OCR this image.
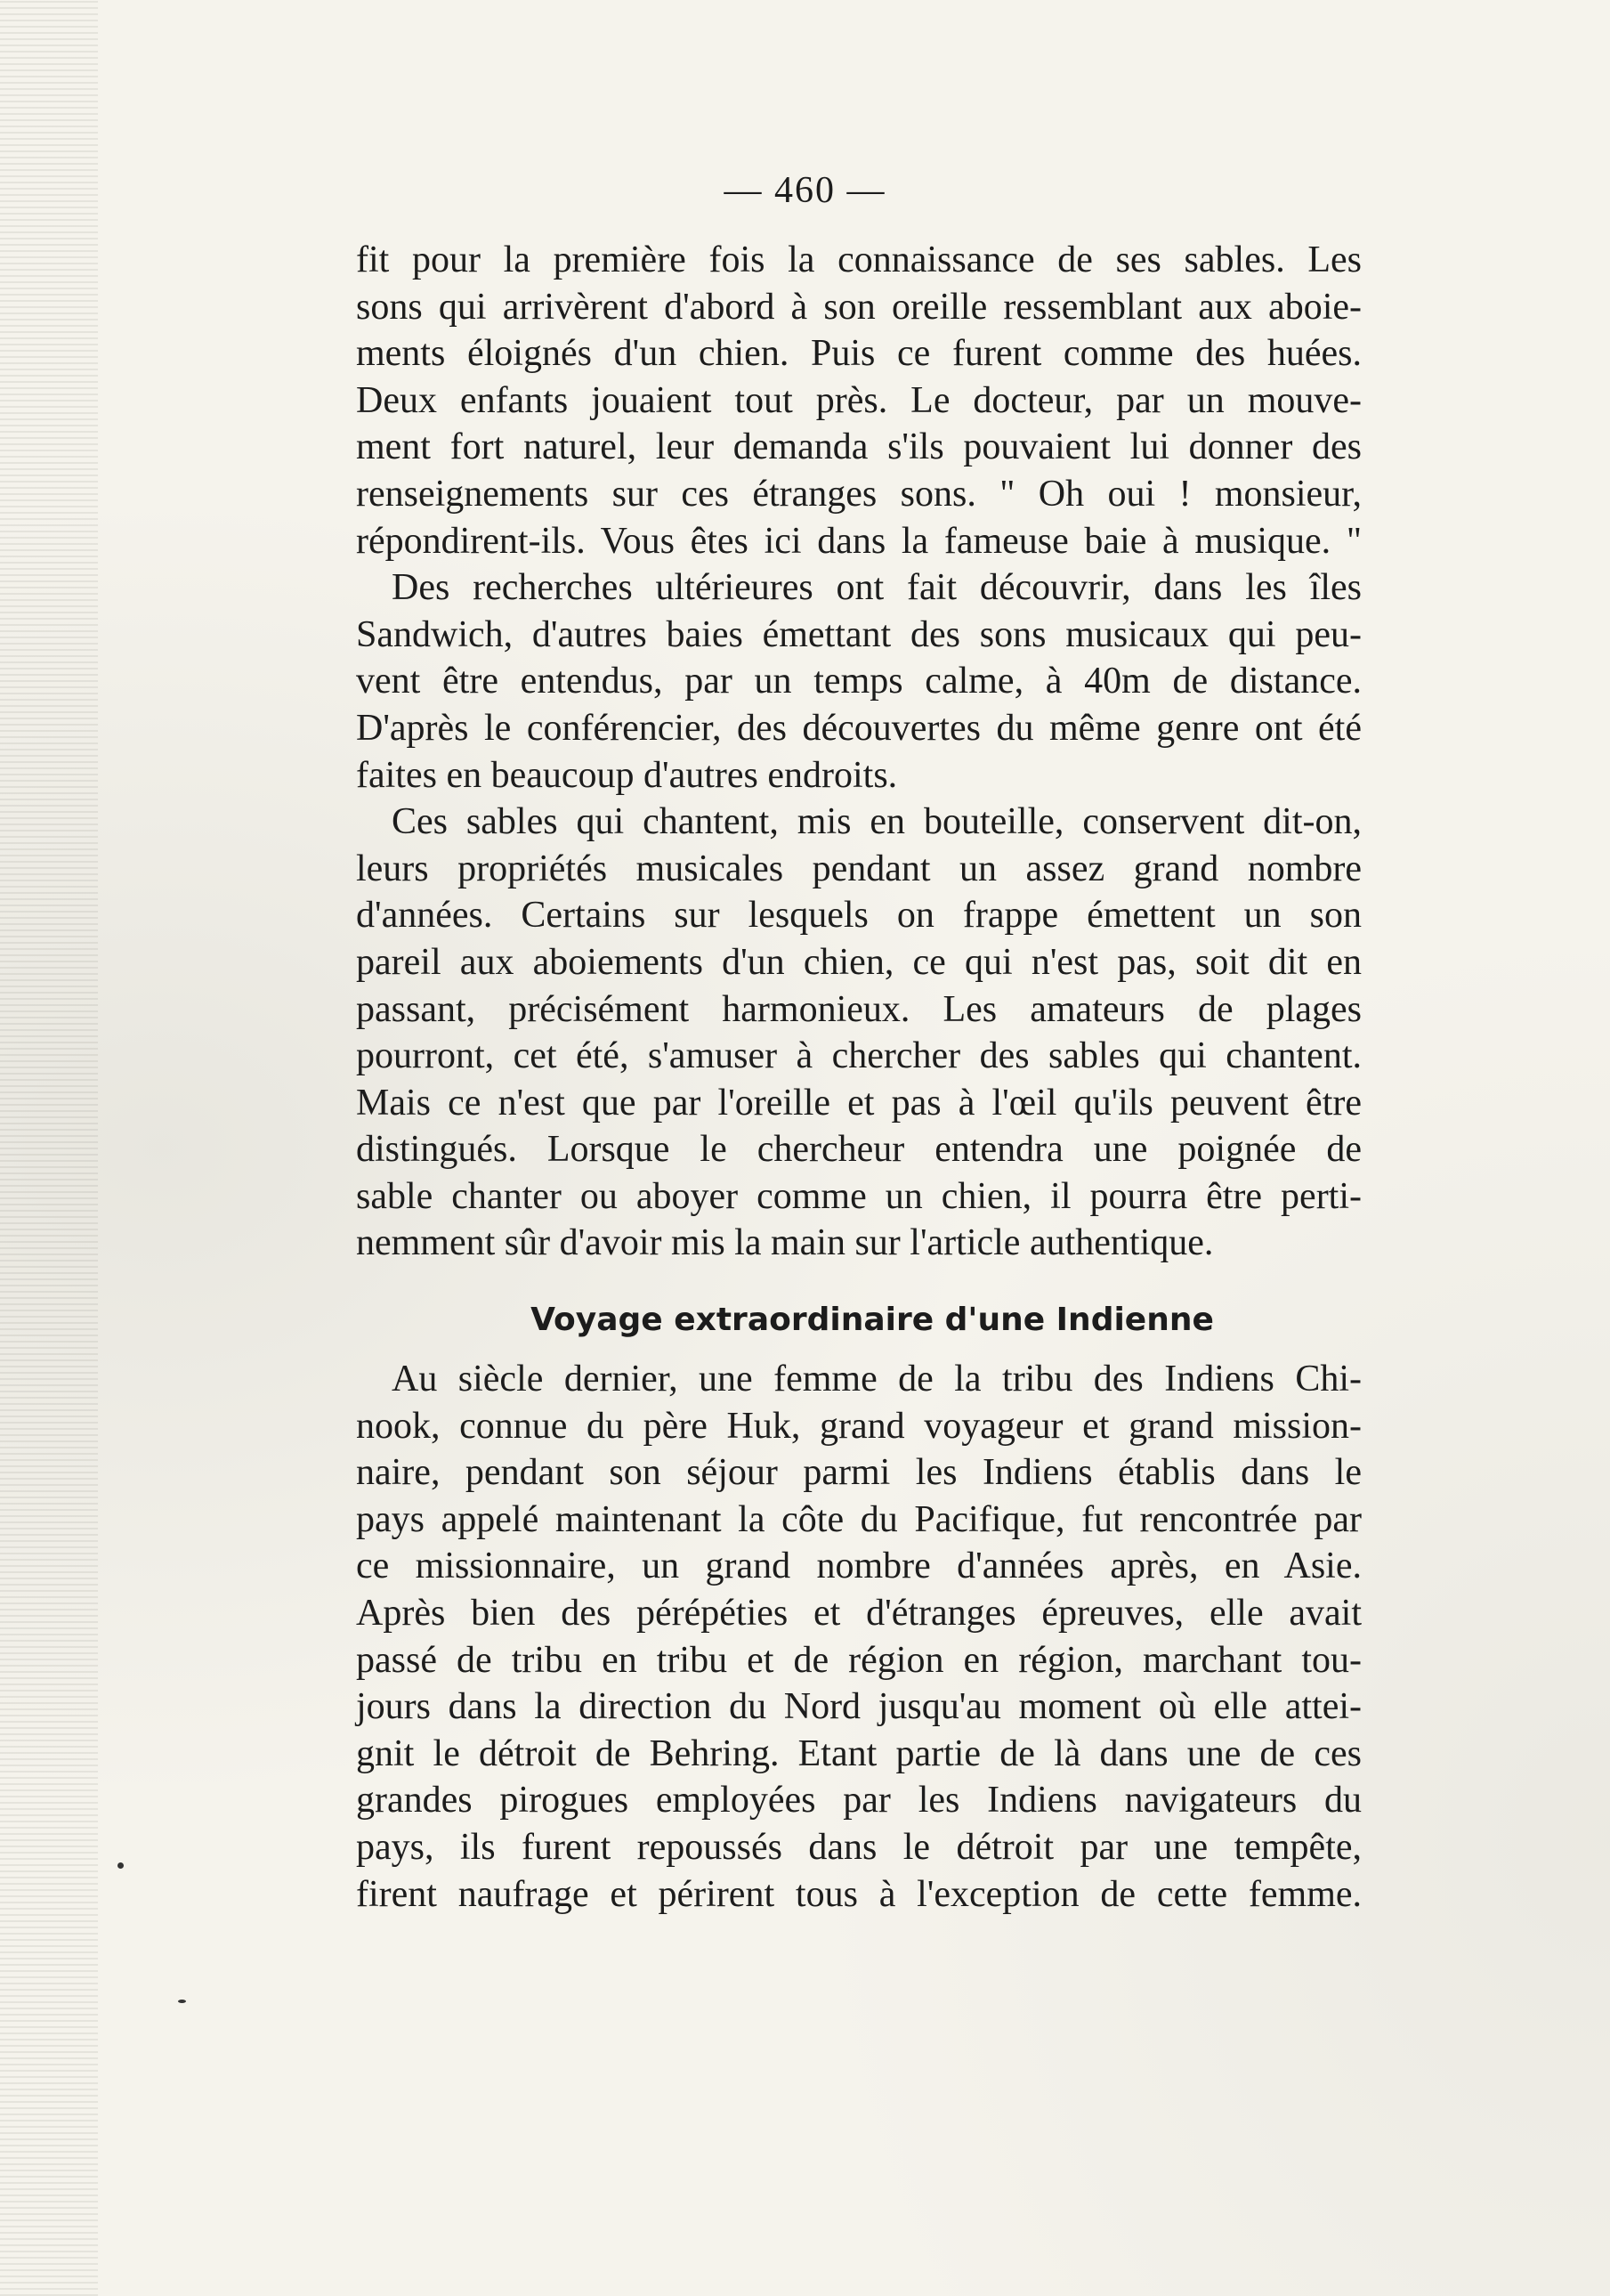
— 460 —
fit pour la première fois la connaissance de ses sables. Les
sons qui arrivèrent d'abord à son oreille ressemblant aux aboie-
ments éloignés d'un chien. Puis ce furent comme des huées.
Deux enfants jouaient tout près. Le docteur, par un mouve-
ment fort naturel, leur demanda s'ils pouvaient lui donner des
renseignements sur ces étranges sons. " Oh oui ! monsieur,
répondirent-ils. Vous êtes ici dans la fameuse baie à musique. "
Des recherches ultérieures ont fait découvrir, dans les îles
Sandwich, d'autres baies émettant des sons musicaux qui peu-
vent être entendus, par un temps calme, à 40m de distance.
D'après le conférencier, des découvertes du même genre ont été
faites en beaucoup d'autres endroits.
Ces sables qui chantent, mis en bouteille, conservent dit-on,
leurs propriétés musicales pendant un assez grand nombre
d'années. Certains sur lesquels on frappe émettent un son
pareil aux aboiements d'un chien, ce qui n'est pas, soit dit en
passant, précisément harmonieux. Les amateurs de plages
pourront, cet été, s'amuser à chercher des sables qui chantent.
Mais ce n'est que par l'oreille et pas à l'œil qu'ils peuvent être
distingués. Lorsque le chercheur entendra une poignée de
sable chanter ou aboyer comme un chien, il pourra être perti-
nemment sûr d'avoir mis la main sur l'article authentique.
Voyage extraordinaire d'une Indienne
Au siècle dernier, une femme de la tribu des Indiens Chi-
nook, connue du père Huk, grand voyageur et grand mission-
naire, pendant son séjour parmi les Indiens établis dans le
pays appelé maintenant la côte du Pacifique, fut rencontrée par
ce missionnaire, un grand nombre d'années après, en Asie.
Après bien des pérépéties et d'étranges épreuves, elle avait
passé de tribu en tribu et de région en région, marchant tou-
jours dans la direction du Nord jusqu'au moment où elle attei-
gnit le détroit de Behring. Etant partie de là dans une de ces
grandes pirogues employées par les Indiens navigateurs du
pays, ils furent repoussés dans le détroit par une tempête,
firent naufrage et périrent tous à l'exception de cette femme.
